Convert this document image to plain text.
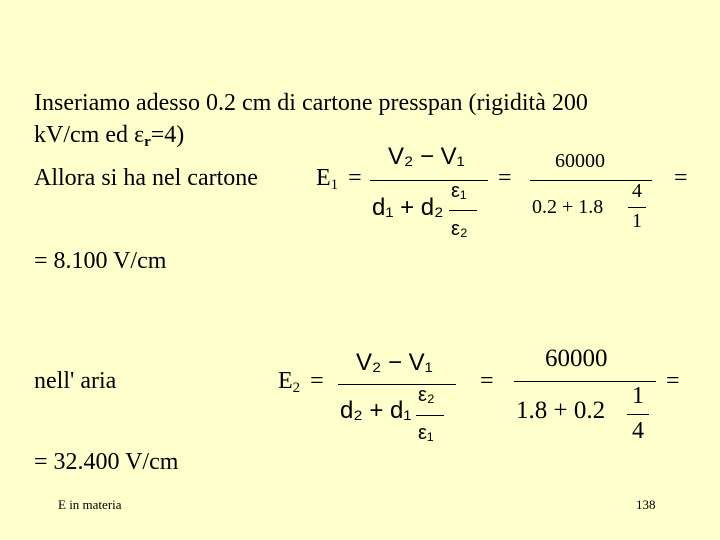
Inseriamo adesso 0.2 cm di cartone presspan (rigidità 200
kV/cm ed $\varepsilon_r=4$)
Allora si ha nel cartone $E_1$ =
V₂ − V₁
d₁ + d₂
ε₁
ε₂
=
60000
0.2 + 1.8
4
1
=
= 8.100 V/cm
nell' aria	$E_2$ =
V₂ − V₁
d₂ + d₁
ε₂
ε₁
=
60000
1.8 + 0.2
1
4
=
= 32.400 V/cm
E in materia	138
